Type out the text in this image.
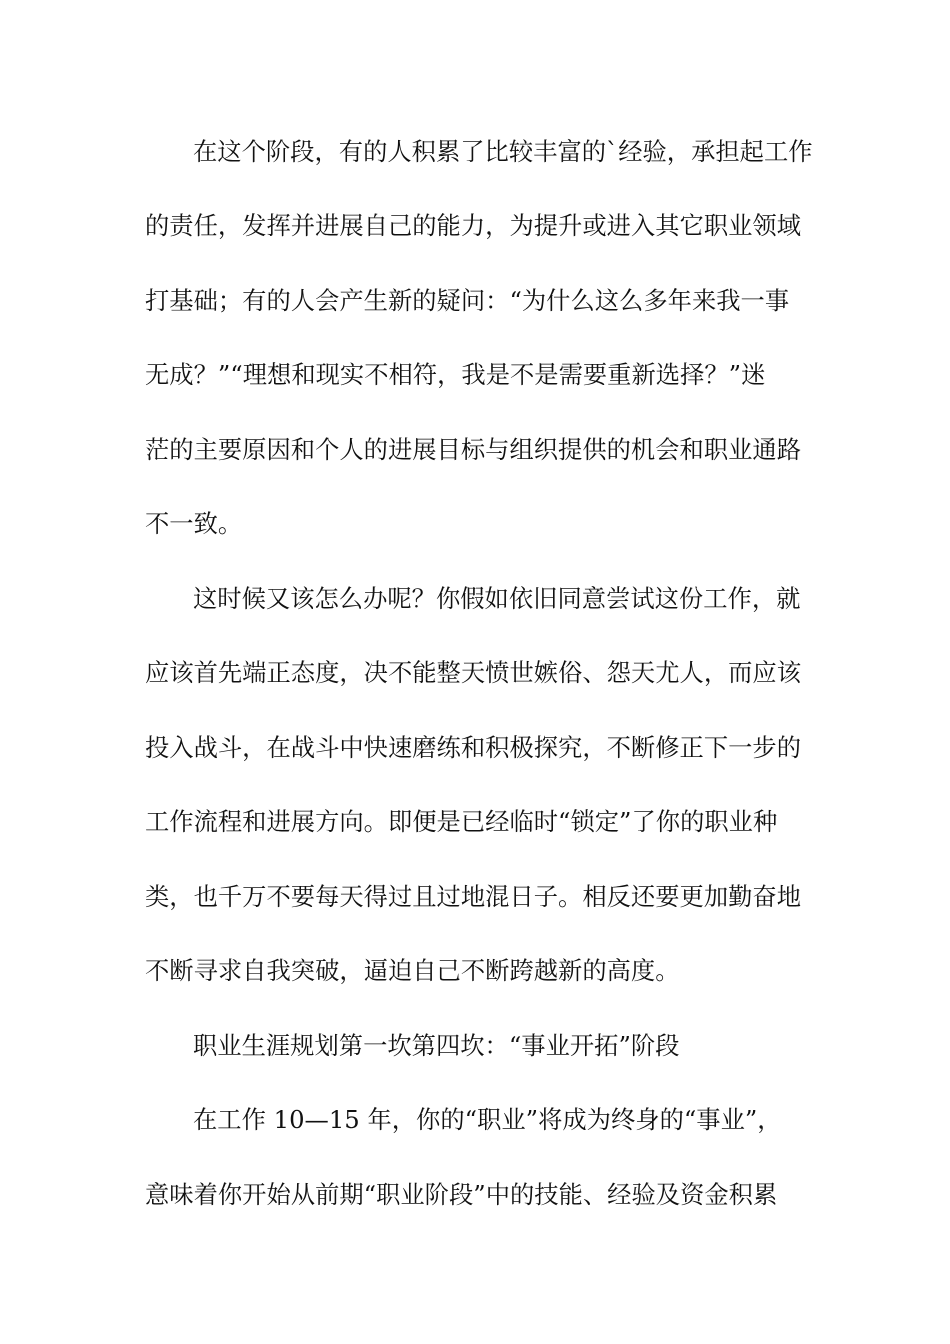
在这个阶段，有的人积累了比较丰富的`经验，承担起工作
的责任，发挥并进展自己的能力，为提升或进入其它职业领域
打基础；有的人会产生新的疑问：“为什么这么多年来我一事
无成？”“理想和现实不相符，我是不是需要重新选择？”迷
茫的主要原因和个人的进展目标与组织提供的机会和职业通路
不一致。
这时候又该怎么办呢？你假如依旧同意尝试这份工作，就
应该首先端正态度，决不能整天愤世嫉俗、怨天尤人，而应该
投入战斗，在战斗中快速磨练和积极探究，不断修正下一步的
工作流程和进展方向。即便是已经临时“锁定”了你的职业种
类，也千万不要每天得过且过地混日子。相反还要更加勤奋地
不断寻求自我突破，逼迫自己不断跨越新的高度。
职业生涯规划第一坎第四坎：“事业开拓”阶段
在工作 10—15 年，你的“职业”将成为终身的“事业”，
意味着你开始从前期“职业阶段”中的技能、经验及资金积累
